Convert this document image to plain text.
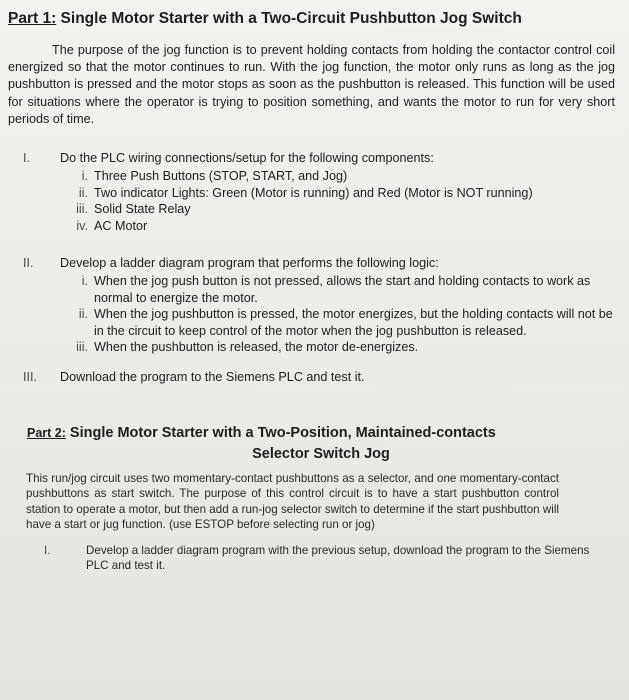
Part 1: Single Motor Starter with a Two-Circuit Pushbutton Jog Switch

The purpose of the jog function is to prevent holding contacts from holding the contactor control coil energized so that the motor continues to run. With the jog function, the motor only runs as long as the jog pushbutton is pressed and the motor stops as soon as the pushbutton is released. This function will be used for situations where the operator is trying to position something, and wants the motor to run for very short periods of time.

I. Do the PLC wiring connections/setup for the following components:
i. Three Push Buttons (STOP, START, and Jog)
ii. Two indicator Lights: Green (Motor is running) and Red (Motor is NOT running)
iii. Solid State Relay
iv. AC Motor
II. Develop a ladder diagram program that performs the following logic:
i. When the jog push button is not pressed, allows the start and holding contacts to work as normal to energize the motor.
ii. When the jog pushbutton is pressed, the motor energizes, but the holding contacts will not be in the circuit to keep control of the motor when the jog pushbutton is released.
iii. When the pushbutton is released, the motor de-energizes.
III. Download the program to the Siemens PLC and test it.
Part 2: Single Motor Starter with a Two-Position, Maintained-contacts
Selector Switch Jog

This run/jog circuit uses two momentary-contact pushbuttons as a selector, and one momentary-contact pushbuttons as start switch. The purpose of this control circuit is to have a start pushbutton control station to operate a motor, but then add a run-jog selector switch to determine if the start pushbutton will have a start or jug function. (use ESTOP before selecting run or jog)

I.	Develop a ladder diagram program with the previous setup, download the program to the Siemens PLC and test it.
